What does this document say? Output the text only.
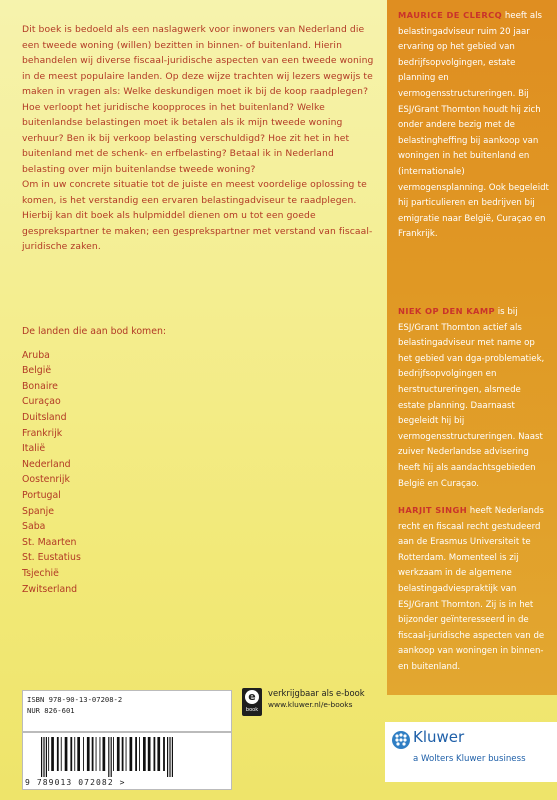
Dit boek is bedoeld als een naslagwerk voor inwoners van Nederland die een tweede woning (willen) bezitten in binnen- of buitenland. Hierin behandelen wij diverse fiscaal-juridische aspecten van een tweede woning in de meest populaire landen. Op deze wijze trachten wij lezers wegwijs te maken in vragen als: Welke deskundigen moet ik bij de koop raadplegen? Hoe verloopt het juridische koopproces in het buitenland? Welke buitenlandse belastingen moet ik betalen als ik mijn tweede woning verhuur? Ben ik bij verkoop belasting verschuldigd? Hoe zit het in het buitenland met de schenk- en erfbelasting? Betaal ik in Nederland belasting over mijn buitenlandse tweede woning?

Om in uw concrete situatie tot de juiste en meest voordelige oplossing te komen, is het verstandig een ervaren belastingadviseur te raadplegen. Hierbij kan dit boek als hulpmiddel dienen om u tot een goede gesprekspartner te maken; een gesprekspartner met verstand van fiscaal-juridische zaken.

De landen die aan bod komen:
Aruba
België
Bonaire
Curaçao
Duitsland
Frankrijk
Italië
Nederland
Oostenrijk
Portugal
Spanje
Saba
St. Maarten
St. Eustatius
Tsjechië
Zwitserland

MAURICE DE CLERCQ heeft als belastingadviseur ruim 20 jaar ervaring op het gebied van bedrijfsopvolgingen, estate planning en vermogensstructureringen. Bij ESJ/Grant Thornton houdt hij zich onder andere bezig met de belastingheffing bij aankoop van woningen in het buitenland en (internationale) vermogensplanning. Ook begeleidt hij particulieren en bedrijven bij emigratie naar België, Curaçao en Frankrijk.

NIEK OP DEN KAMP is bij ESJ/Grant Thornton actief als belastingadviseur met name op het gebied van dga-problematiek, bedrijfsopvolgingen en herstructureringen, alsmede estate planning. Daarnaast begeleidt hij bij vermogensstructureringen. Naast zuiver Nederlandse advisering heeft hij als aandachtsgebieden België en Curaçao.

HARJIT SINGH heeft Nederlands recht en fiscaal recht gestudeerd aan de Erasmus Universiteit te Rotterdam. Momenteel is zij werkzaam in de algemene belastingadviespraktijk van ESJ/Grant Thornton. Zij is in het bijzonder geïnteresseerd in de fiscaal-juridische aspecten van de aankoop van woningen in binnen- en buitenland.

ISBN 978-90-13-07208-2
NUR 826-601
9 789013 072082 >
e
book
verkrijgbaar als e-book
www.kluwer.nl/e-books
Kluwer
a Wolters Kluwer business
